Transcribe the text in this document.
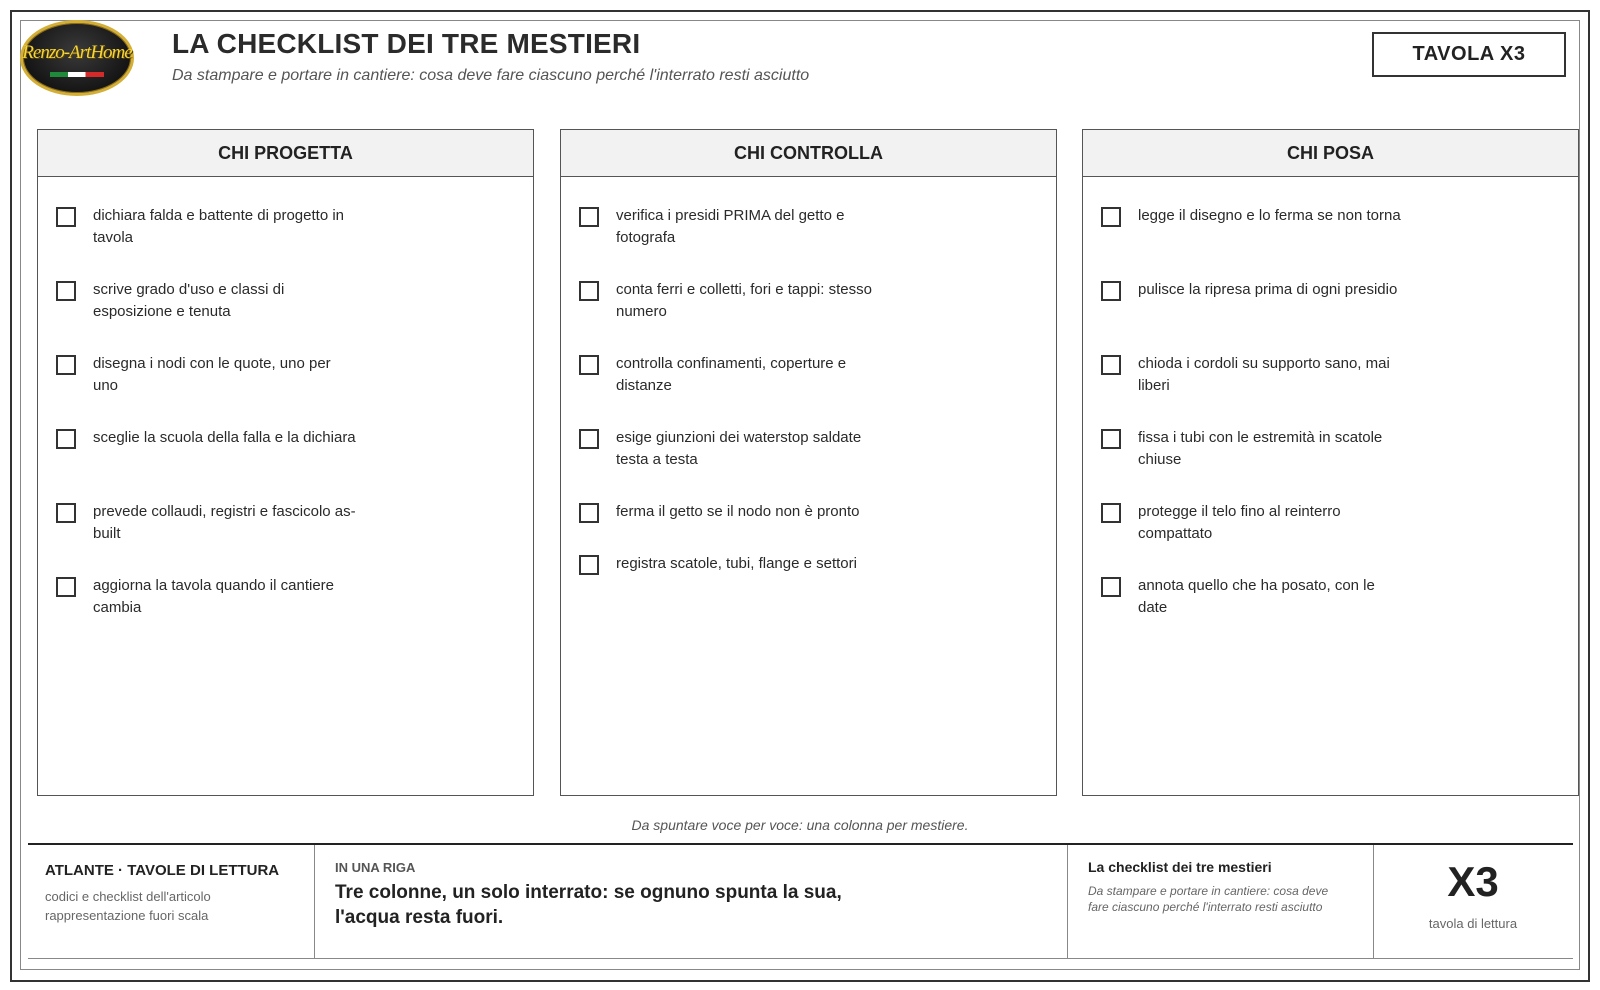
Renzo-ArtHome LA CHECKLIST DEI TRE MESTIERI
Da stampare e portare in cantiere: cosa deve fare ciascuno perché l'interrato resti asciutto
TAVOLA X3
CHI PROGETTA
dichiara falda e battente di progetto in tavola
scrive grado d'uso e classi di esposizione e tenuta
disegna i nodi con le quote, uno per uno
sceglie la scuola della falla e la dichiara
prevede collaudi, registri e fascicolo as-built
aggiorna la tavola quando il cantiere cambia
CHI CONTROLLA
verifica i presidi PRIMA del getto e fotografa
conta ferri e colletti, fori e tappi: stesso numero
controlla confinamenti, coperture e distanze
esige giunzioni dei waterstop saldate testa a testa
ferma il getto se il nodo non è pronto
registra scatole, tubi, flange e settori
CHI POSA
legge il disegno e lo ferma se non torna
pulisce la ripresa prima di ogni presidio
chioda i cordoli su supporto sano, mai liberi
fissa i tubi con le estremità in scatole chiuse
protegge il telo fino al reinterro compattato
annota quello che ha posato, con le date
Da spuntare voce per voce: una colonna per mestiere.
ATLANTE · TAVOLE DI LETTURA
codici e checklist dell'articolo
rappresentazione fuori scala
IN UNA RIGA
Tre colonne, un solo interrato: se ognuno spunta la sua, l'acqua resta fuori.
La checklist dei tre mestieri
Da stampare e portare in cantiere: cosa deve fare ciascuno perché l'interrato resti asciutto
X3
tavola di lettura
